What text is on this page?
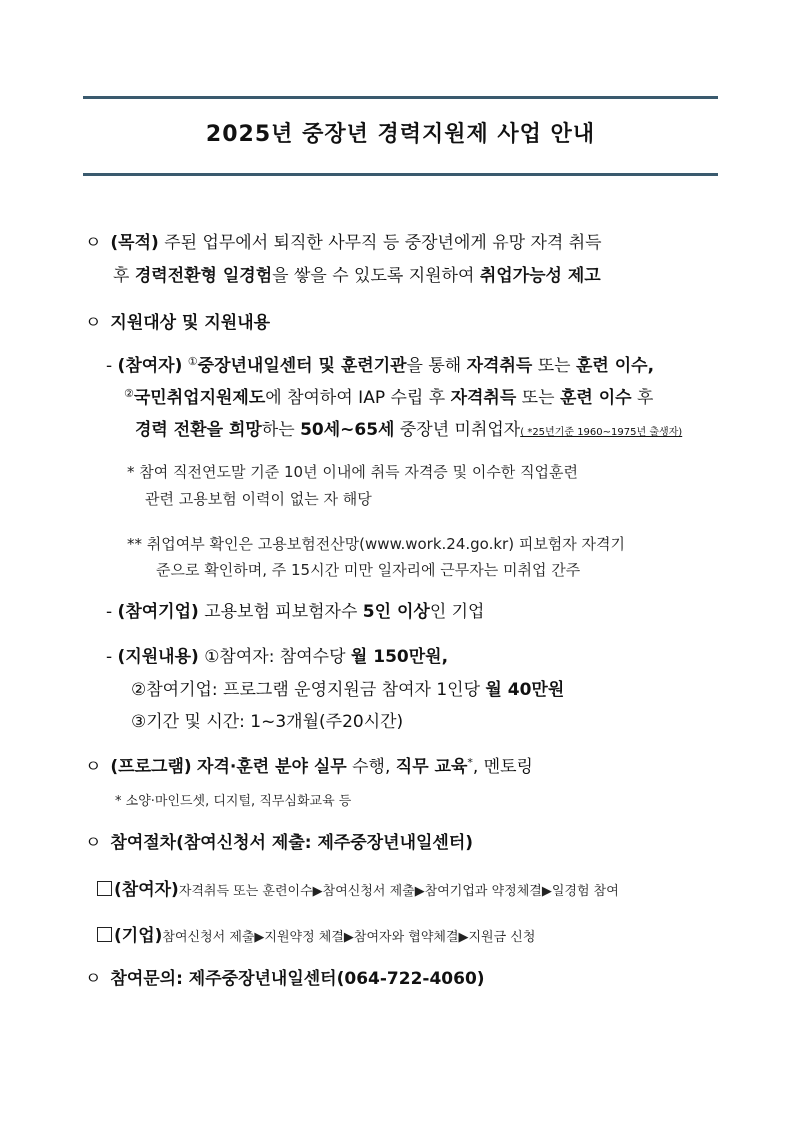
2025년 중장년 경력지원제 사업 안내
ㅇ (목적) 주된 업무에서 퇴직한 사무직 등 중장년에게 유망 자격 취득
후 경력전환형 일경험을 쌓을 수 있도록 지원하여 취업가능성 제고
ㅇ 지원대상 및 지원내용
- (참여자) ①중장년내일센터 및 훈련기관을 통해 자격취득 또는 훈련 이수,
②국민취업지원제도에 참여하여 IAP 수립 후 자격취득 또는 훈련 이수 후
경력 전환을 희망하는 50세~65세 중장년 미취업자( *25년기준 1960~1975년 출생자)
* 참여 직전연도말 기준 10년 이내에 취득 자격증 및 이수한 직업훈련
관련 고용보험 이력이 없는 자 해당
** 취업여부 확인은 고용보험전산망(www.work.24.go.kr) 피보험자 자격기
준으로 확인하며, 주 15시간 미만 일자리에 근무자는 미취업 간주
- (참여기업) 고용보험 피보험자수 5인 이상인 기업
- (지원내용) ①참여자: 참여수당 월 150만원,
②참여기업: 프로그램 운영지원금 참여자 1인당 월 40만원
③기간 및 시간: 1~3개월(주20시간)
ㅇ (프로그램) 자격·훈련 분야 실무 수행, 직무 교육*, 멘토링
* 소양·마인드셋, 디지털, 직무심화교육 등
ㅇ 참여절차(참여신청서 제출: 제주중장년내일센터)
(참여자)자격취득 또는 훈련이수▶참여신청서 제출▶참여기업과 약정체결▶일경험 참여
(기업)참여신청서 제출▶지원약정 체결▶참여자와 협약체결▶지원금 신청
ㅇ 참여문의: 제주중장년내일센터(064-722-4060)
